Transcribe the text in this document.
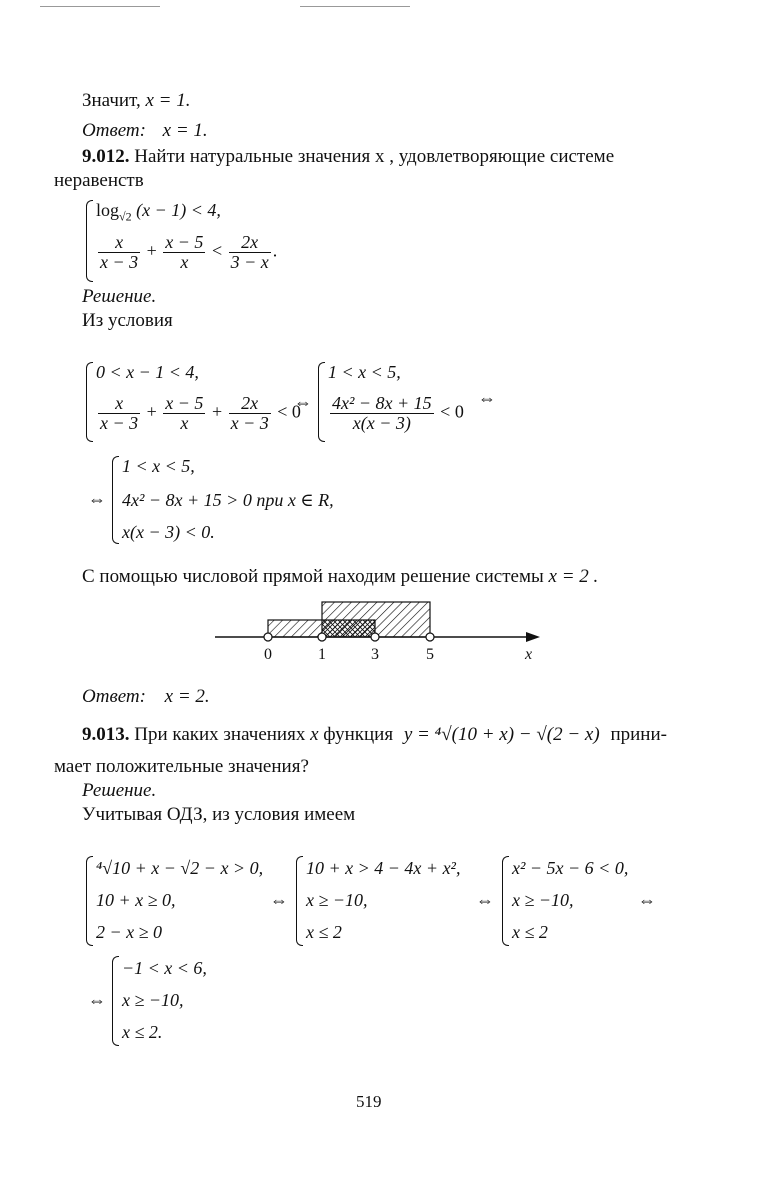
Значит, x = 1.
Ответ: x = 1.
9.012. Найти натуральные значения x , удовлетворяющие системе
неравенств
$\log_{√2} (x - 1) < 4$,
$\frac{x}{x - 3} + \frac{x - 5}{x} < \frac{2x}{3 - x}$ .
Решение.
Из условия
0 < x − 1 < 4,
$\frac{x}{x - 3} + \frac{x - 5}{x} + \frac{2x}{x - 3} < 0$
⇔
1 < x < 5,
$\frac{\text{4x² − 8x + 15}}{x(x - 3)} < 0$
⇔
⇔
1 < x < 5,
4x² − 8x + 15 > 0 при x ∈ R,
x(x − 3) < 0.
С помощью числовой прямой находим решение системы x = 2 .
0	1	3	5	x
Ответ: x = 2.
9.013. При каких значениях x функция y = ⁴√(10 + x) − √(2 − x) прини-
мает положительные значения?
Решение.
Учитывая ОДЗ, из условия имеем
⁴√10 + x − √2 − x > 0,
10 + x ≥ 0,
2 − x ≥ 0
⇔
10 + x > 4 − 4x + x²,
x ≥ −10,
x ≤ 2
⇔
x² − 5x − 6 < 0,
x ≥ −10,
x ≤ 2
⇔
⇔
−1 < x < 6,
x ≥ −10,
x ≤ 2.
519
